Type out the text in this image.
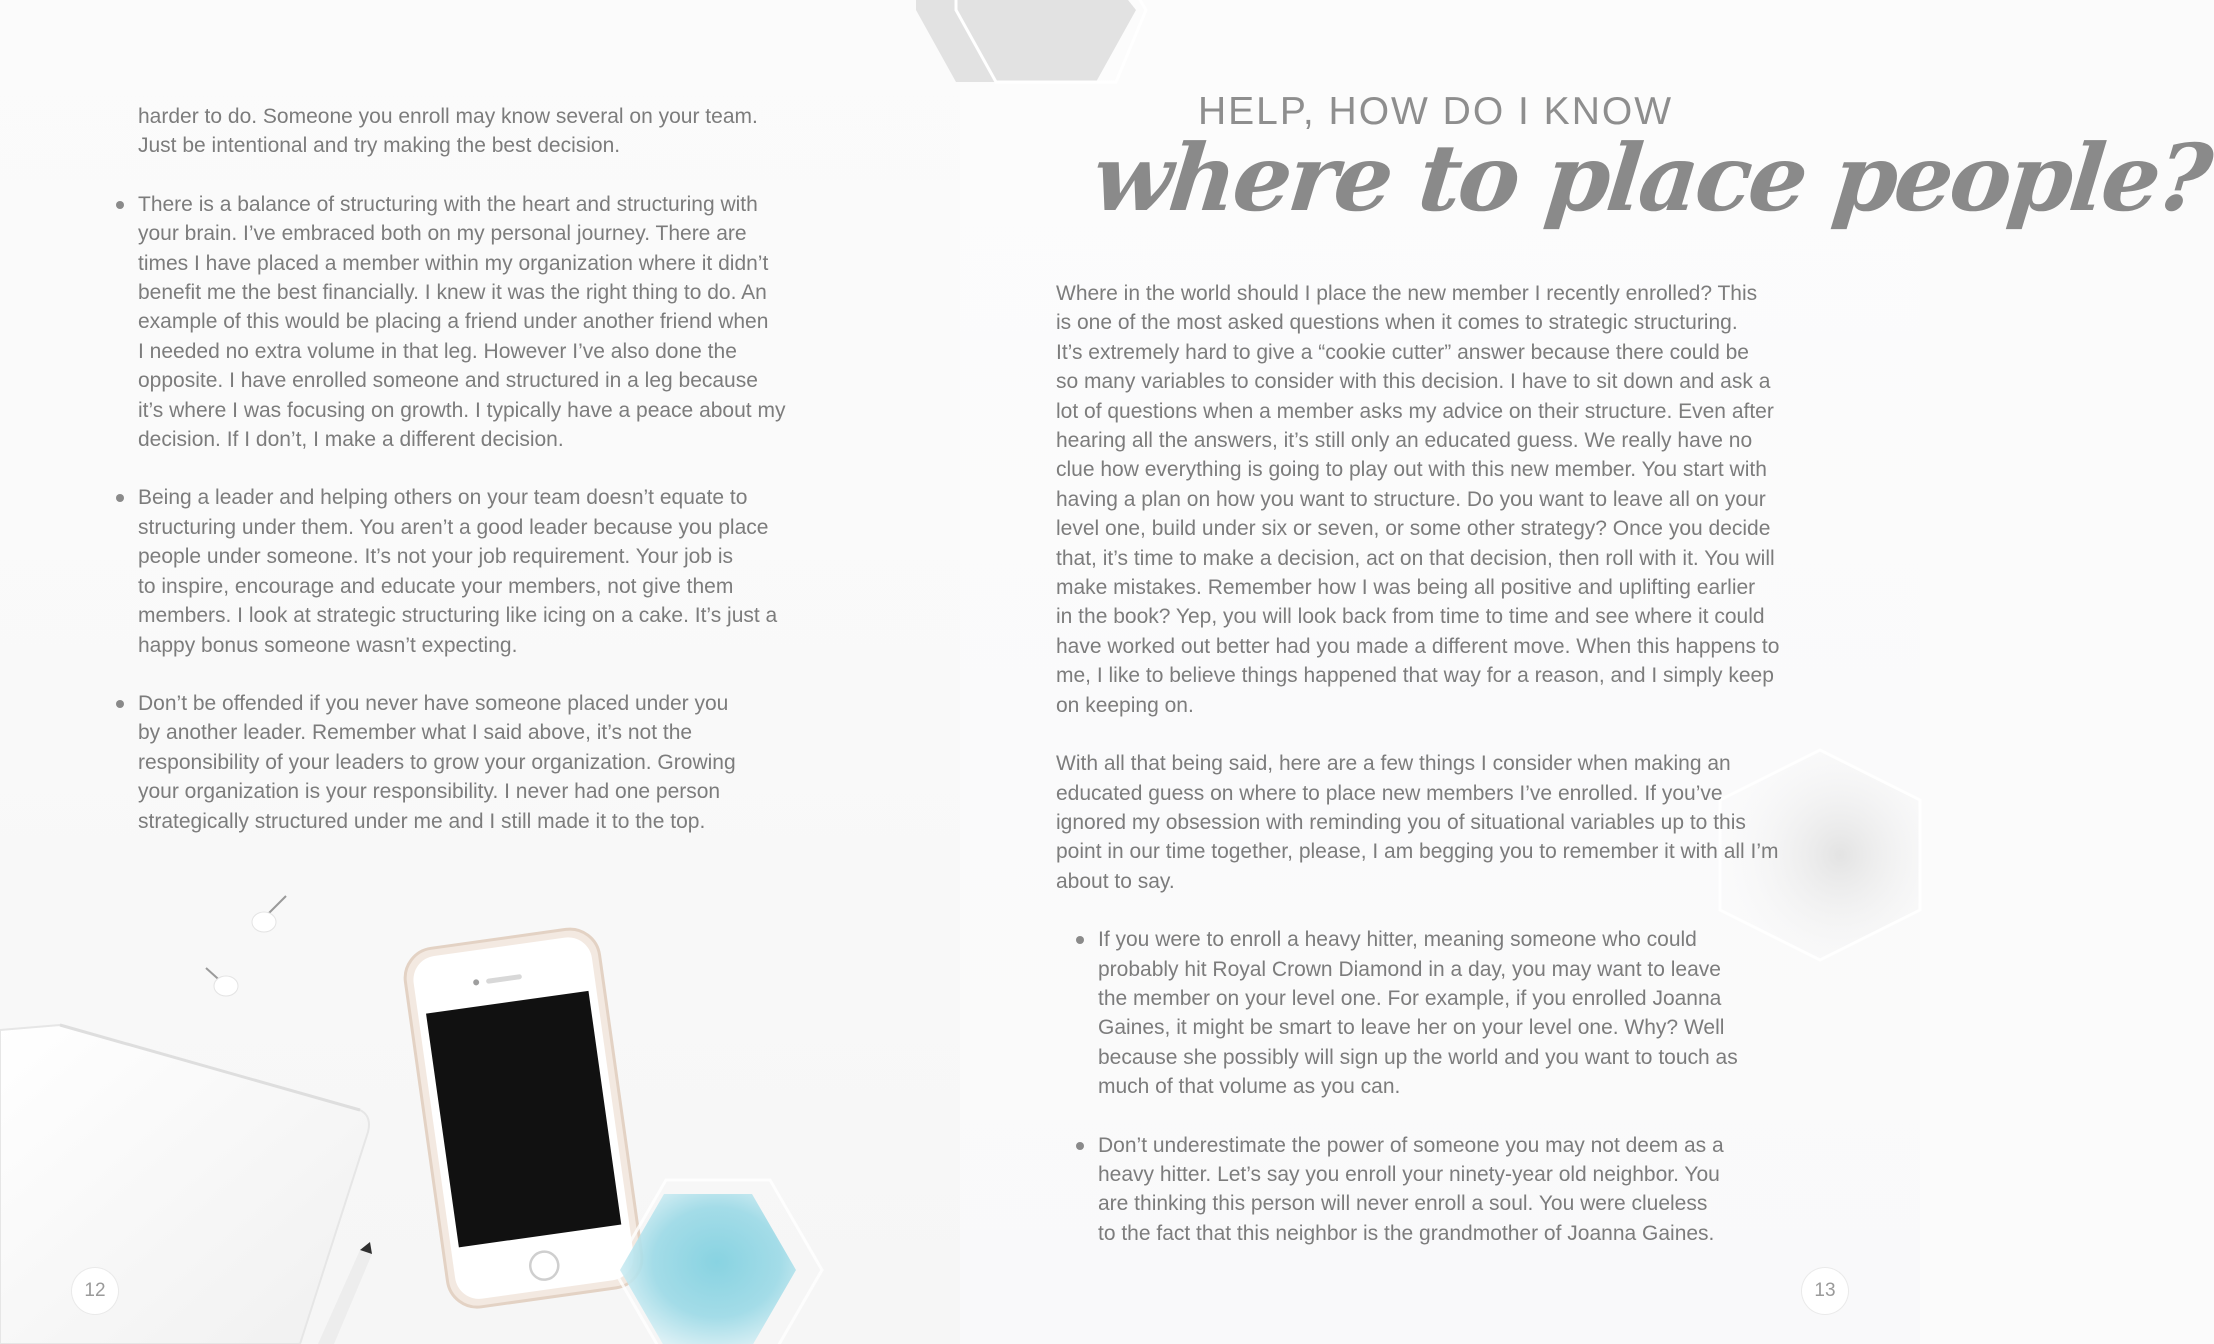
harder to do. Someone you enroll may know several on your team.
Just be intentional and try making the best decision.

There is a balance of structuring with the heart and structuring with
your brain. I’ve embraced both on my personal journey. There are
times I have placed a member within my organization where it didn’t
benefit me the best financially. I knew it was the right thing to do. An
example of this would be placing a friend under another friend when
I needed no extra volume in that leg. However I’ve also done the
opposite. I have enrolled someone and structured in a leg because
it’s where I was focusing on growth. I typically have a peace about my
decision. If I don’t, I make a different decision.
Being a leader and helping others on your team doesn’t equate to
structuring under them. You aren’t a good leader because you place
people under someone. It’s not your job requirement. Your job is
to inspire, encourage and educate your members, not give them
members. I look at strategic structuring like icing on a cake. It’s just a
happy bonus someone wasn’t expecting.
Don’t be offended if you never have someone placed under you
by another leader. Remember what I said above, it’s not the
responsibility of your leaders to grow your organization. Growing
your organization is your responsibility. I never had one person
strategically structured under me and I still made it to the top.
12
HELP, HOW DO I KNOW
where to place people?

Where in the world should I place the new member I recently enrolled? This
is one of the most asked questions when it comes to strategic structuring.
It’s extremely hard to give a “cookie cutter” answer because there could be
so many variables to consider with this decision. I have to sit down and ask a
lot of questions when a member asks my advice on their structure. Even after
hearing all the answers, it’s still only an educated guess. We really have no
clue how everything is going to play out with this new member. You start with
having a plan on how you want to structure. Do you want to leave all on your
level one, build under six or seven, or some other strategy? Once you decide
that, it’s time to make a decision, act on that decision, then roll with it. You will
make mistakes. Remember how I was being all positive and uplifting earlier
in the book? Yep, you will look back from time to time and see where it could
have worked out better had you made a different move. When this happens to
me, I like to believe things happened that way for a reason, and I simply keep
on keeping on.

With all that being said, here are a few things I consider when making an
educated guess on where to place new members I’ve enrolled. If you’ve
ignored my obsession with reminding you of situational variables up to this
point in our time together, please, I am begging you to remember it with all I’m
about to say.

If you were to enroll a heavy hitter, meaning someone who could
probably hit Royal Crown Diamond in a day, you may want to leave
the member on your level one. For example, if you enrolled Joanna
Gaines, it might be smart to leave her on your level one. Why? Well
because she possibly will sign up the world and you want to touch as
much of that volume as you can.
Don’t underestimate the power of someone you may not deem as a
heavy hitter. Let’s say you enroll your ninety-year old neighbor. You
are thinking this person will never enroll a soul. You were clueless
to the fact that this neighbor is the grandmother of Joanna Gaines.
13
